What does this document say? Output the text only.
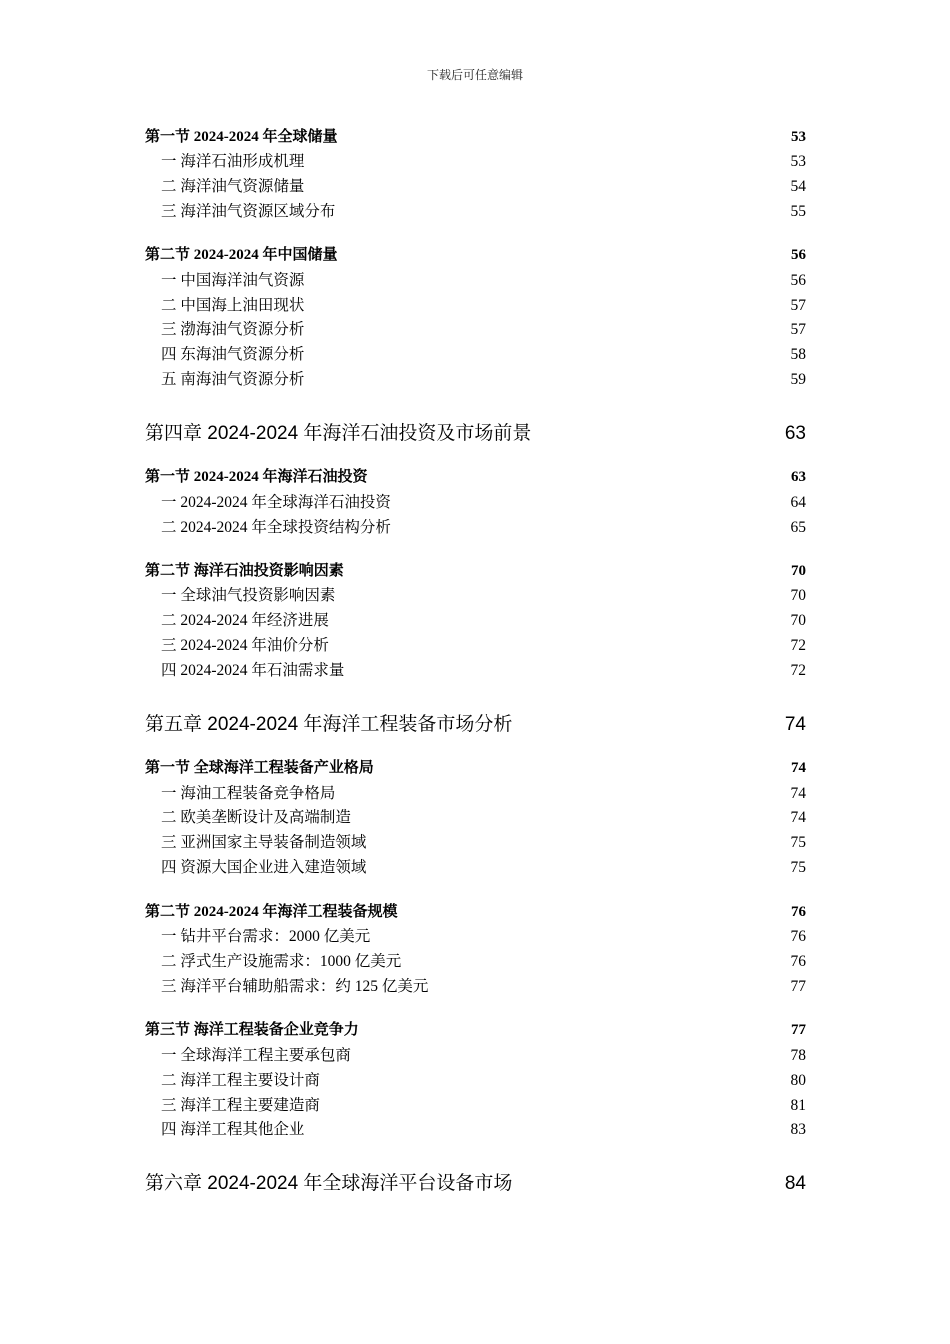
下载后可任意编辑
第一节 2024-2024 年全球储量	53
一 海洋石油形成机理	53
二 海洋油气资源储量	54
三 海洋油气资源区域分布	55
第二节 2024-2024 年中国储量	56
一 中国海洋油气资源	56
二 中国海上油田现状	57
三 渤海油气资源分析	57
四 东海油气资源分析	58
五 南海油气资源分析	59
第四章 2024-2024 年海洋石油投资及市场前景	63
第一节 2024-2024 年海洋石油投资	63
一 2024-2024 年全球海洋石油投资	64
二 2024-2024 年全球投资结构分析	65
第二节 海洋石油投资影响因素	70
一 全球油气投资影响因素	70
二 2024-2024 年经济进展	70
三 2024-2024 年油价分析	72
四 2024-2024 年石油需求量	72
第五章 2024-2024 年海洋工程装备市场分析	74
第一节 全球海洋工程装备产业格局	74
一 海油工程装备竞争格局	74
二 欧美垄断设计及高端制造	74
三 亚洲国家主导装备制造领域	75
四 资源大国企业进入建造领域	75
第二节 2024-2024 年海洋工程装备规模	76
一 钻井平台需求：2000 亿美元	76
二 浮式生产设施需求：1000 亿美元	76
三 海洋平台辅助船需求：约 125 亿美元	77
第三节 海洋工程装备企业竞争力	77
一 全球海洋工程主要承包商	78
二 海洋工程主要设计商	80
三 海洋工程主要建造商	81
四 海洋工程其他企业	83
第六章 2024-2024 年全球海洋平台设备市场	84
